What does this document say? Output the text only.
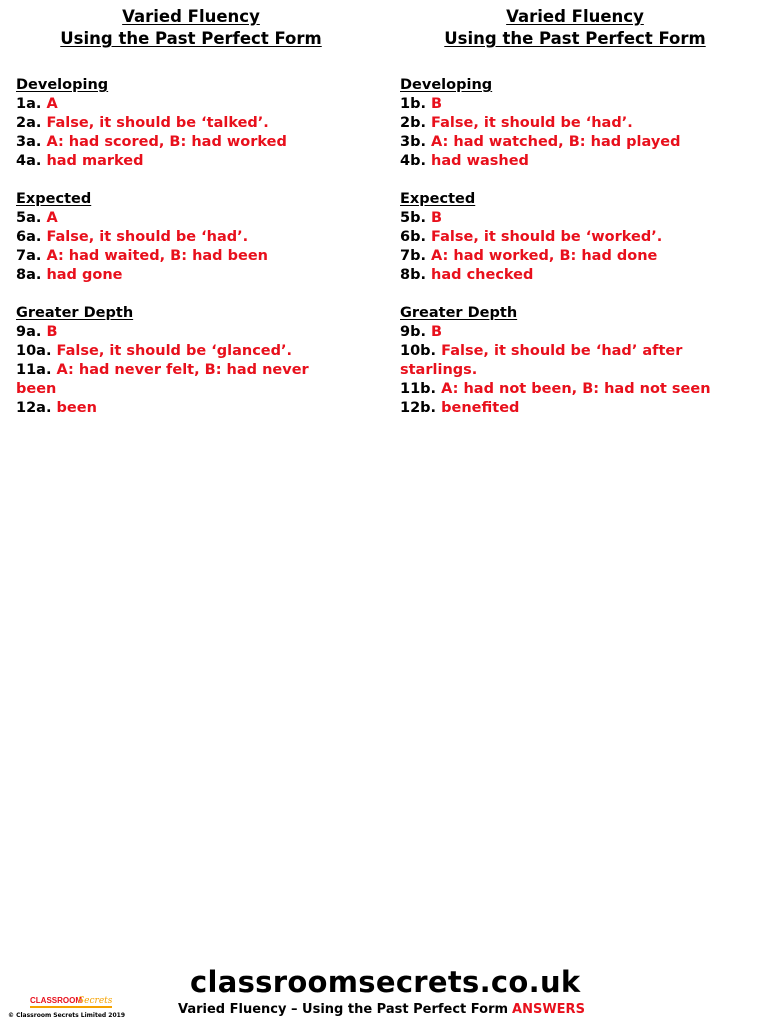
Varied Fluency
Using the Past Perfect Form
Developing
1a. A
2a. False, it should be ‘talked’.
3a. A: had scored, B: had worked
4a. had marked
Expected
5a. A
6a. False, it should be ‘had’.
7a. A: had waited, B: had been
8a. had gone
Greater Depth
9a. B
10a. False, it should be ‘glanced’.
11a. A: had never felt, B: had never been
12a. been
Varied Fluency
Using the Past Perfect Form
Developing
1b. B
2b. False, it should be ‘had’.
3b. A: had watched, B: had played
4b. had washed
Expected
5b. B
6b. False, it should be ‘worked’.
7b. A: had worked, B: had done
8b. had checked
Greater Depth
9b. B
10b. False, it should be ‘had’ after starlings.
11b. A: had not been, B: had not seen
12b. benefited
classroomsecrets.co.uk
CLASSROOM
Secrets
© Classroom Secrets Limited 2019	Varied Fluency – Using the Past Perfect Form ANSWERS
